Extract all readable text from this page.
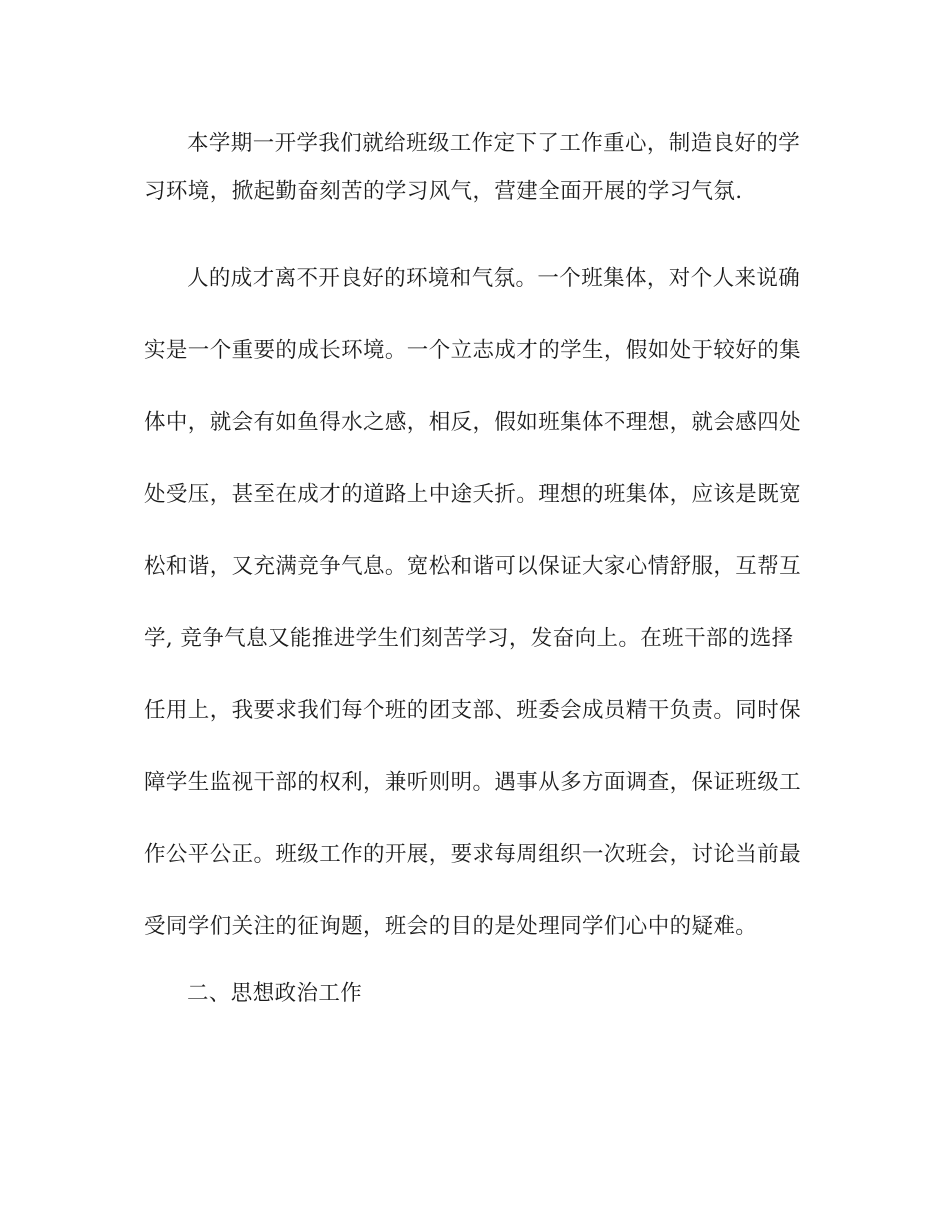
本学期一开学我们就给班级工作定下了工作重心，制造良好的学
习环境，掀起勤奋刻苦的学习风气，营建全面开展的学习气氛.
人的成才离不开良好的环境和气氛。一个班集体，对个人来说确
实是一个重要的成长环境。一个立志成才的学生，假如处于较好的集
体中，就会有如鱼得水之感，相反，假如班集体不理想，就会感四处
处受压，甚至在成才的道路上中途夭折。理想的班集体，应该是既宽
松和谐，又充满竞争气息。宽松和谐可以保证大家心情舒服，互帮互
学, 竞争气息又能推进学生们刻苦学习，发奋向上。在班干部的选择
任用上，我要求我们每个班的团支部、班委会成员精干负责。同时保
障学生监视干部的权利，兼听则明。遇事从多方面调查，保证班级工
作公平公正。班级工作的开展，要求每周组织一次班会，讨论当前最
受同学们关注的征询题，班会的目的是处理同学们心中的疑难。
二、思想政治工作
